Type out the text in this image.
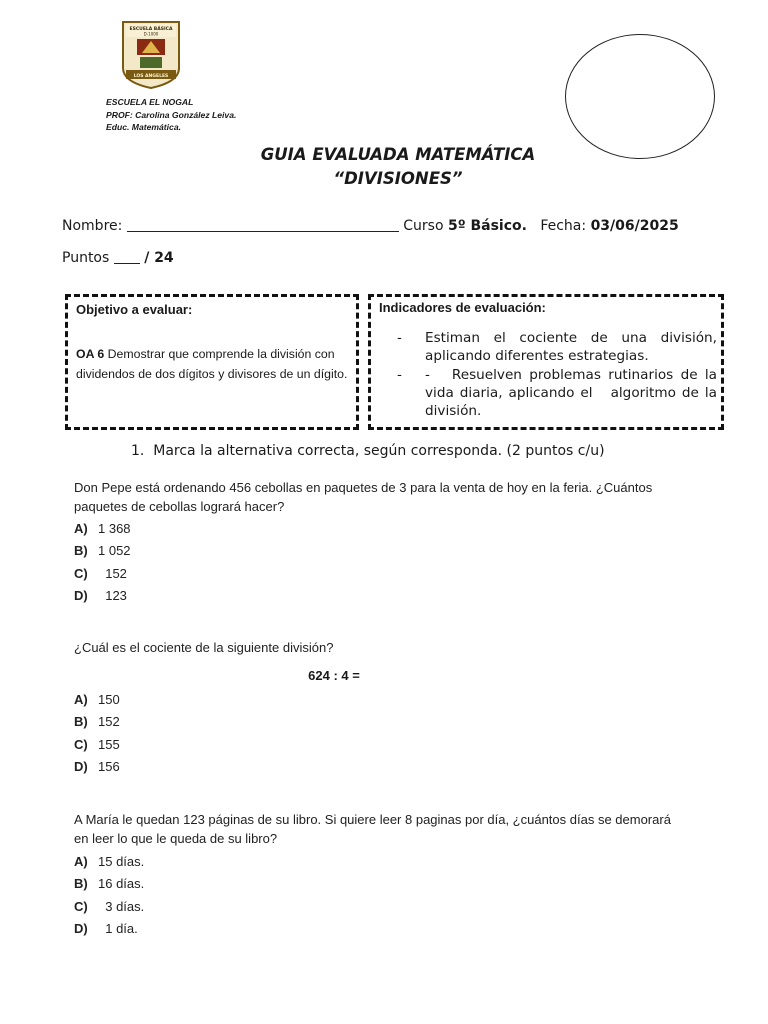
ESCUELA BÁSICA
D-1000
LOS ANGELES
ESCUELA EL NOGAL
PROF: Carolina González Leiva.
Educ. Matemática.
GUIA EVALUADA MATEMÁTICA
“DIVISIONES”
Nombre:	Curso 5º Básico. Fecha: 03/06/2025
Puntos / 24
Objetivo a evaluar:
OA 6 Demostrar que comprende la división con dividendos de dos dígitos y divisores de un dígito.
Indicadores de evaluación:
- Estiman el cociente de una división, aplicando diferentes estrategias.

- -   Resuelven problemas rutinarios de la vida diaria, aplicando el   algoritmo de la división.

1.  Marca la alternativa correcta, según corresponda. (2 puntos c/u)
Don Pepe está ordenando 456 cebollas en paquetes de 3 para la venta de hoy en la feria. ¿Cuántos paquetes de cebollas logrará hacer?
A) 1 368
B) 1 052
C)  152
D)  123
¿Cuál es el cociente de la siguiente división?
624 : 4 =
A) 150
B) 152
C) 155
D) 156
A María le quedan 123 páginas de su libro. Si quiere leer 8 paginas por día, ¿cuántos días se demorará en leer lo que le queda de su libro?
A) 15 días.
B) 16 días.
C)  3 días.
D)  1 día.
